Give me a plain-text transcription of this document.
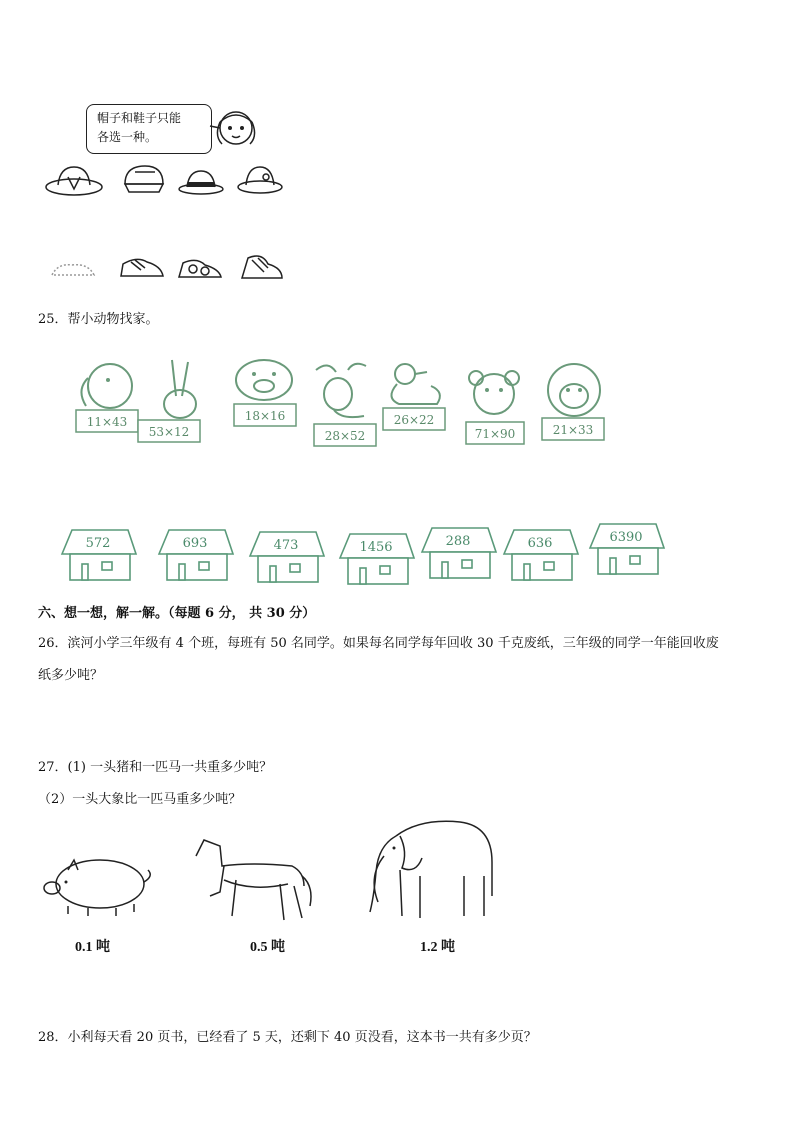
帽子和鞋子只能
各选一种。
25．帮小动物找家。
11×43
53×12
18×16
28×52
26×22
71×90	21×33
572	693	473	1456	288	636	6390
六、想一想，解一解。（每题 6 分， 共 30 分）
26．滨河小学三年级有 4 个班，每班有 50 名同学。如果每名同学每年回收 30 千克废纸，三年级的同学一年能回收废
纸多少吨？
27．(1) 一头猪和一匹马一共重多少吨？
（2）一头大象比一匹马重多少吨？
0.1 吨	0.5 吨	1.2 吨
28．小利每天看 20 页书，已经看了 5 天，还剩下 40 页没看，这本书一共有多少页？
